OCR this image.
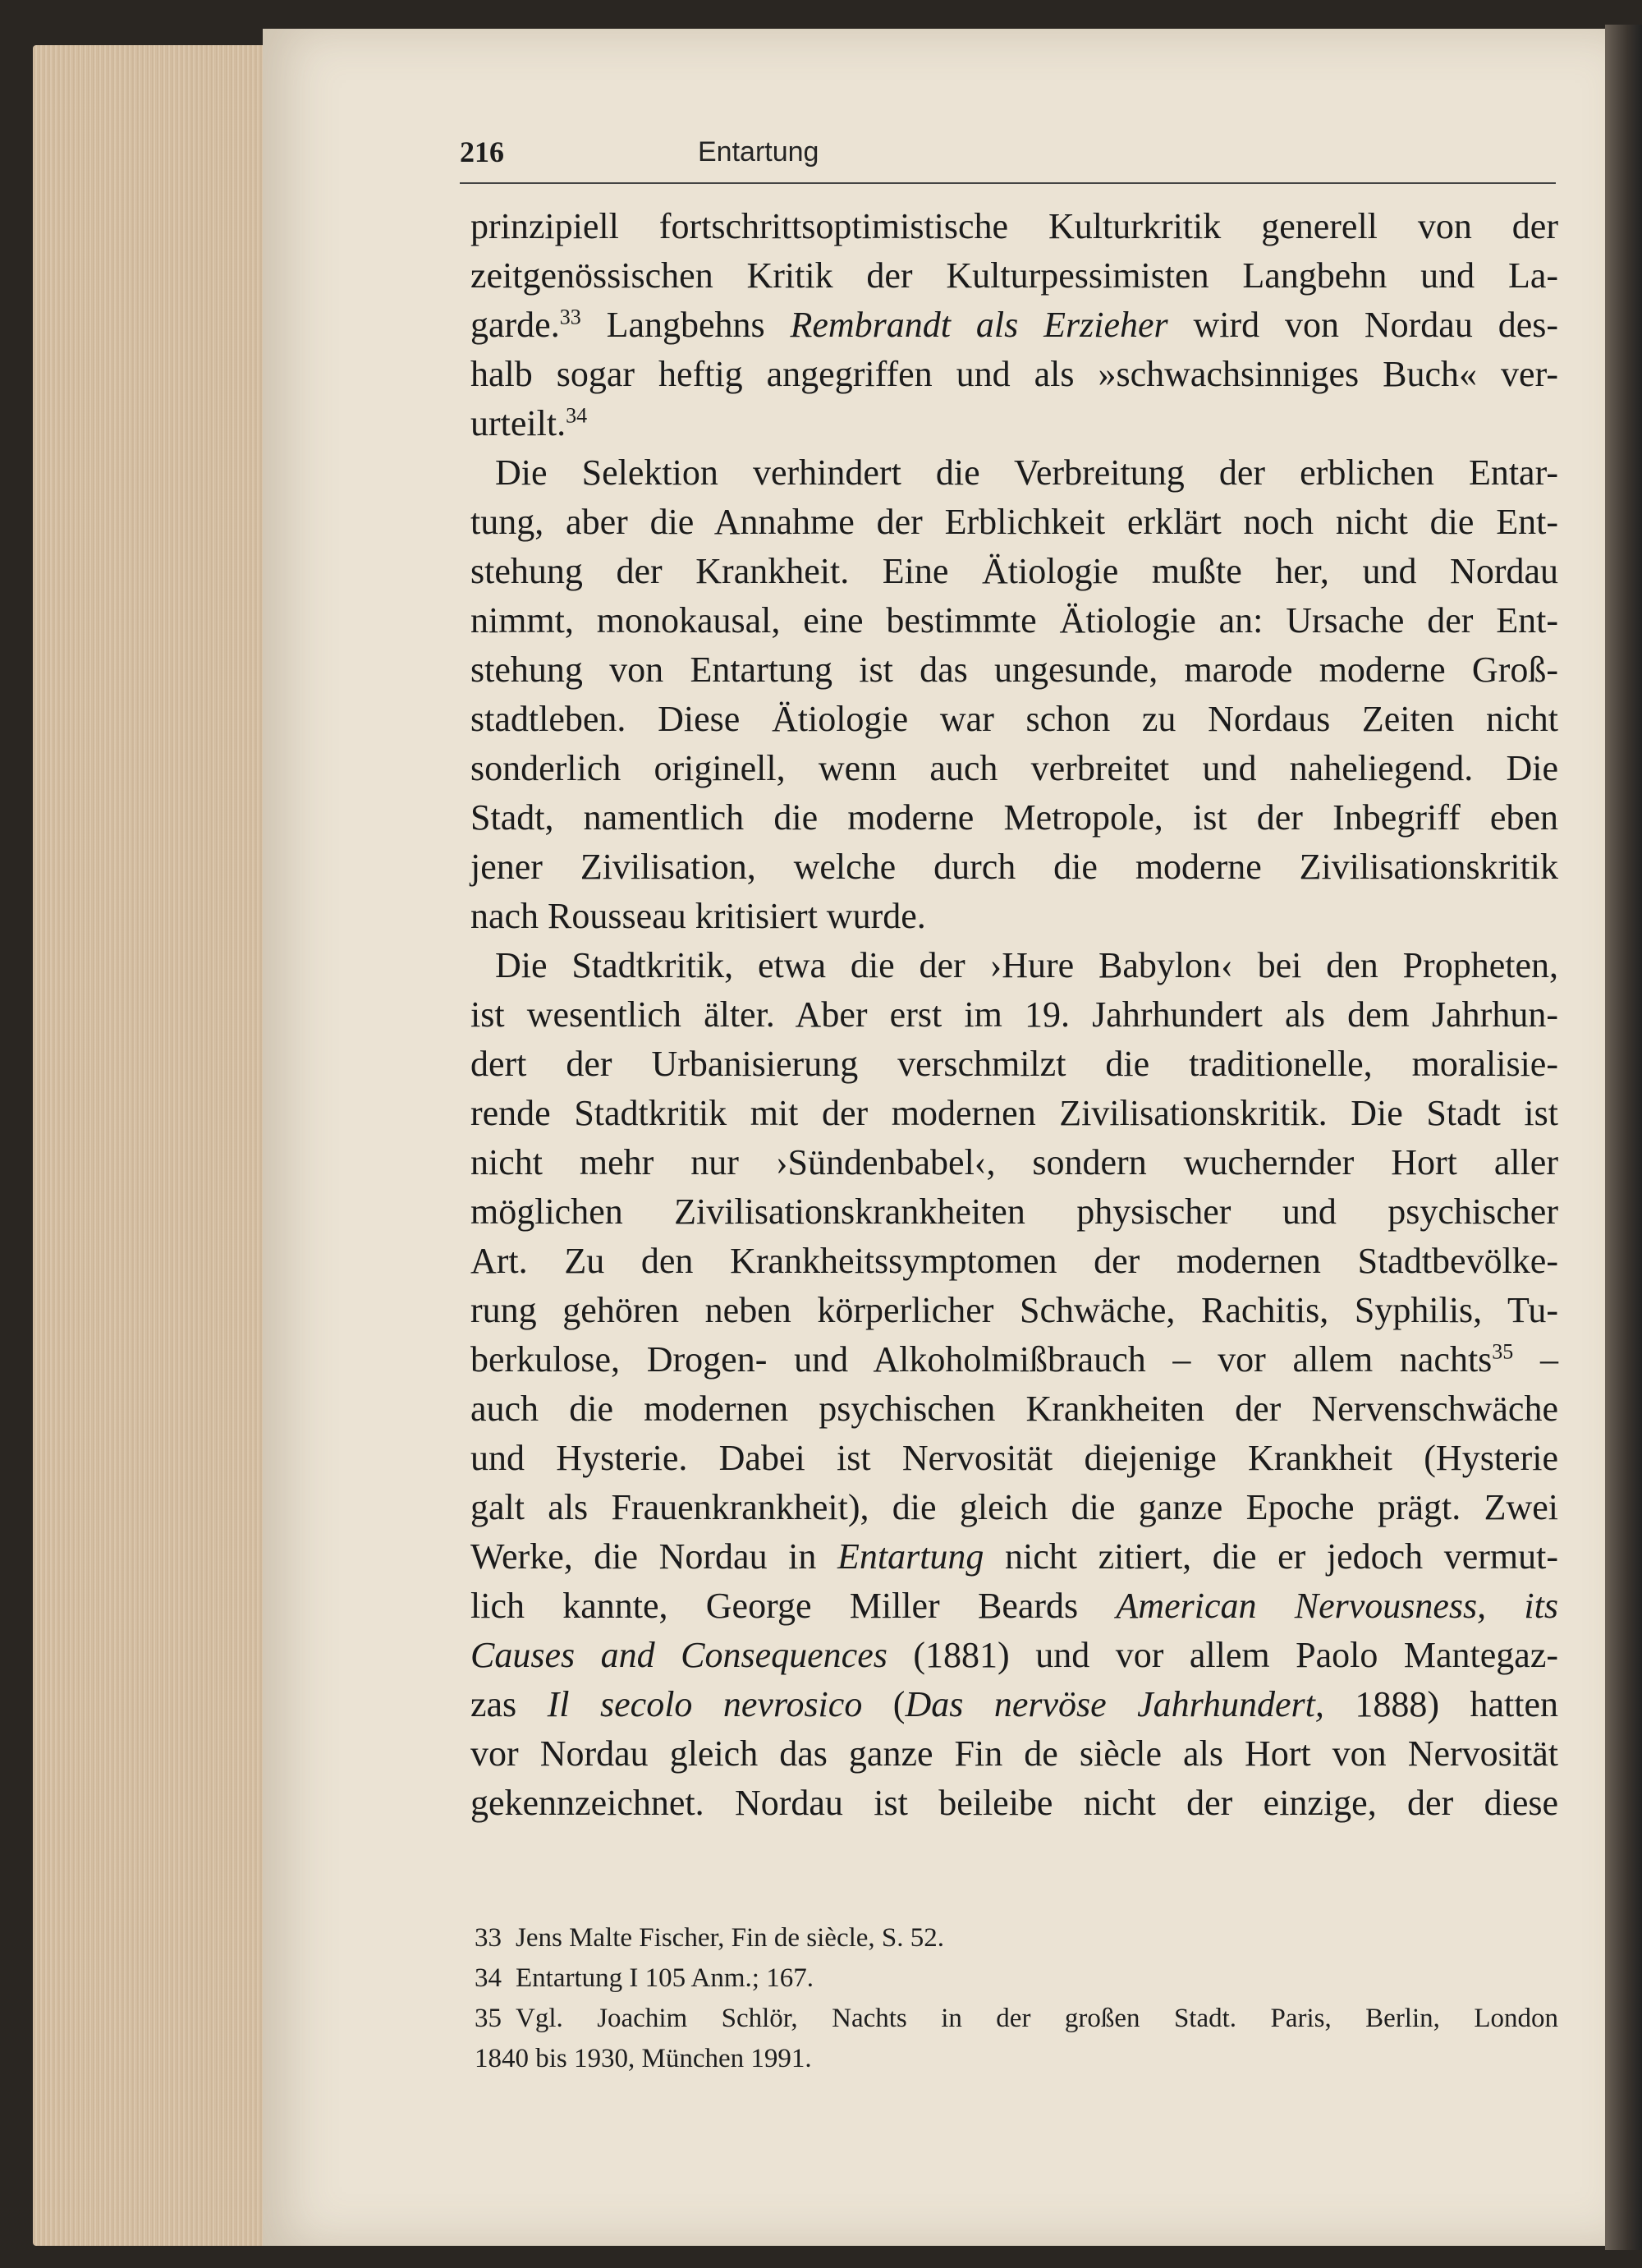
216	Entartung

prinzipiell fortschrittsoptimistische Kulturkritik generell von der
zeitgenössischen Kritik der Kulturpessimisten Langbehn und La-
garde.$^{33}$ Langbehns Rembrandt als Erzieher wird von Nordau des-
halb sogar heftig angegriffen und als »schwachsinniges Buch« ver-
urteilt.$^{34}$

Die Selektion verhindert die Verbreitung der erblichen Entar-
tung, aber die Annahme der Erblichkeit erklärt noch nicht die Ent-
stehung der Krankheit. Eine Ätiologie mußte her, und Nordau
nimmt, monokausal, eine bestimmte Ätiologie an: Ursache der Ent-
stehung von Entartung ist das ungesunde, marode moderne Groß-
stadtleben. Diese Ätiologie war schon zu Nordaus Zeiten nicht
sonderlich originell, wenn auch verbreitet und naheliegend. Die
Stadt, namentlich die moderne Metropole, ist der Inbegriff eben
jener Zivilisation, welche durch die moderne Zivilisationskritik
nach Rousseau kritisiert wurde.

Die Stadtkritik, etwa die der ›Hure Babylon‹ bei den Propheten,
ist wesentlich älter. Aber erst im 19. Jahrhundert als dem Jahrhun-
dert der Urbanisierung verschmilzt die traditionelle, moralisie-
rende Stadtkritik mit der modernen Zivilisationskritik. Die Stadt ist
nicht mehr nur ›Sündenbabel‹, sondern wuchernder Hort aller
möglichen Zivilisationskrankheiten physischer und psychischer
Art. Zu den Krankheitssymptomen der modernen Stadtbevölke-
rung gehören neben körperlicher Schwäche, Rachitis, Syphilis, Tu-
berkulose, Drogen- und Alkoholmißbrauch – vor allem nachts$^{35}$ –
auch die modernen psychischen Krankheiten der Nervenschwäche
und Hysterie. Dabei ist Nervosität diejenige Krankheit (Hysterie
galt als Frauenkrankheit), die gleich die ganze Epoche prägt. Zwei
Werke, die Nordau in Entartung nicht zitiert, die er jedoch vermut-
lich kannte, George Miller Beards American Nervousness, its
Causes and Consequences (1881) und vor allem Paolo Mantegaz-
zas Il secolo nevrosico (Das nervöse Jahrhundert, 1888) hatten
vor Nordau gleich das ganze Fin de siècle als Hort von Nervosität
gekennzeichnet. Nordau ist beileibe nicht der einzige, der diese

33 Jens Malte Fischer, Fin de siècle, S. 52.
34 Entartung I 105 Anm.; 167.
35 Vgl. Joachim Schlör, Nachts in der großen Stadt. Paris, Berlin, London
1840 bis 1930, München 1991.
